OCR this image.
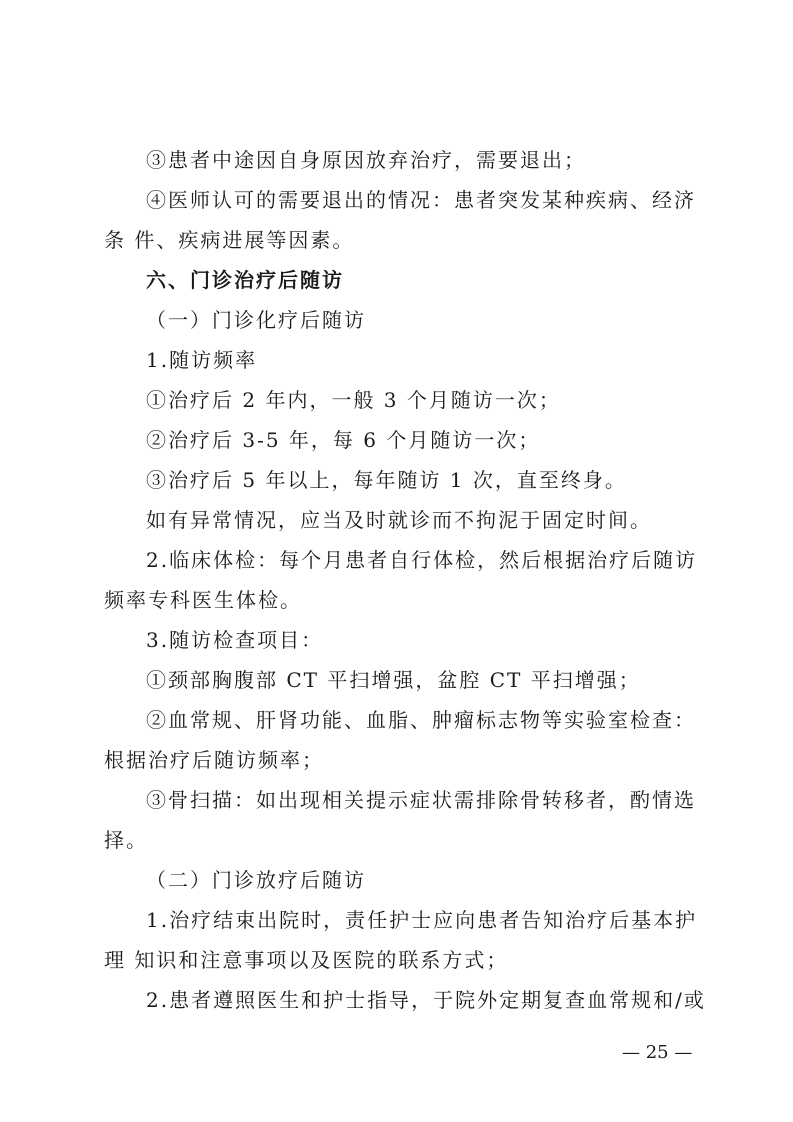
③患者中途因自身原因放弃治疗，需要退出；

④医师认可的需要退出的情况：患者突发某种疾病、经济

条 件、疾病进展等因素。

六、门诊治疗后随访

（一）门诊化疗后随访

1.随访频率

①治疗后 2 年内，一般 3 个月随访一次；

②治疗后 3-5 年，每 6 个月随访一次；

③治疗后 5 年以上，每年随访 1 次，直至终身。

如有异常情况，应当及时就诊而不拘泥于固定时间。

2.临床体检：每个月患者自行体检，然后根据治疗后随访

频率专科医生体检。

3.随访检查项目：

①颈部胸腹部 CT 平扫增强，盆腔 CT 平扫增强；

②血常规、肝肾功能、血脂、肿瘤标志物等实验室检查：

根据治疗后随访频率；

③骨扫描：如出现相关提示症状需排除骨转移者，酌情选

择。

（二）门诊放疗后随访

1.治疗结束出院时，责任护士应向患者告知治疗后基本护

理 知识和注意事项以及医院的联系方式；

2.患者遵照医生和护士指导，于院外定期复查血常规和/或

— 25 —
